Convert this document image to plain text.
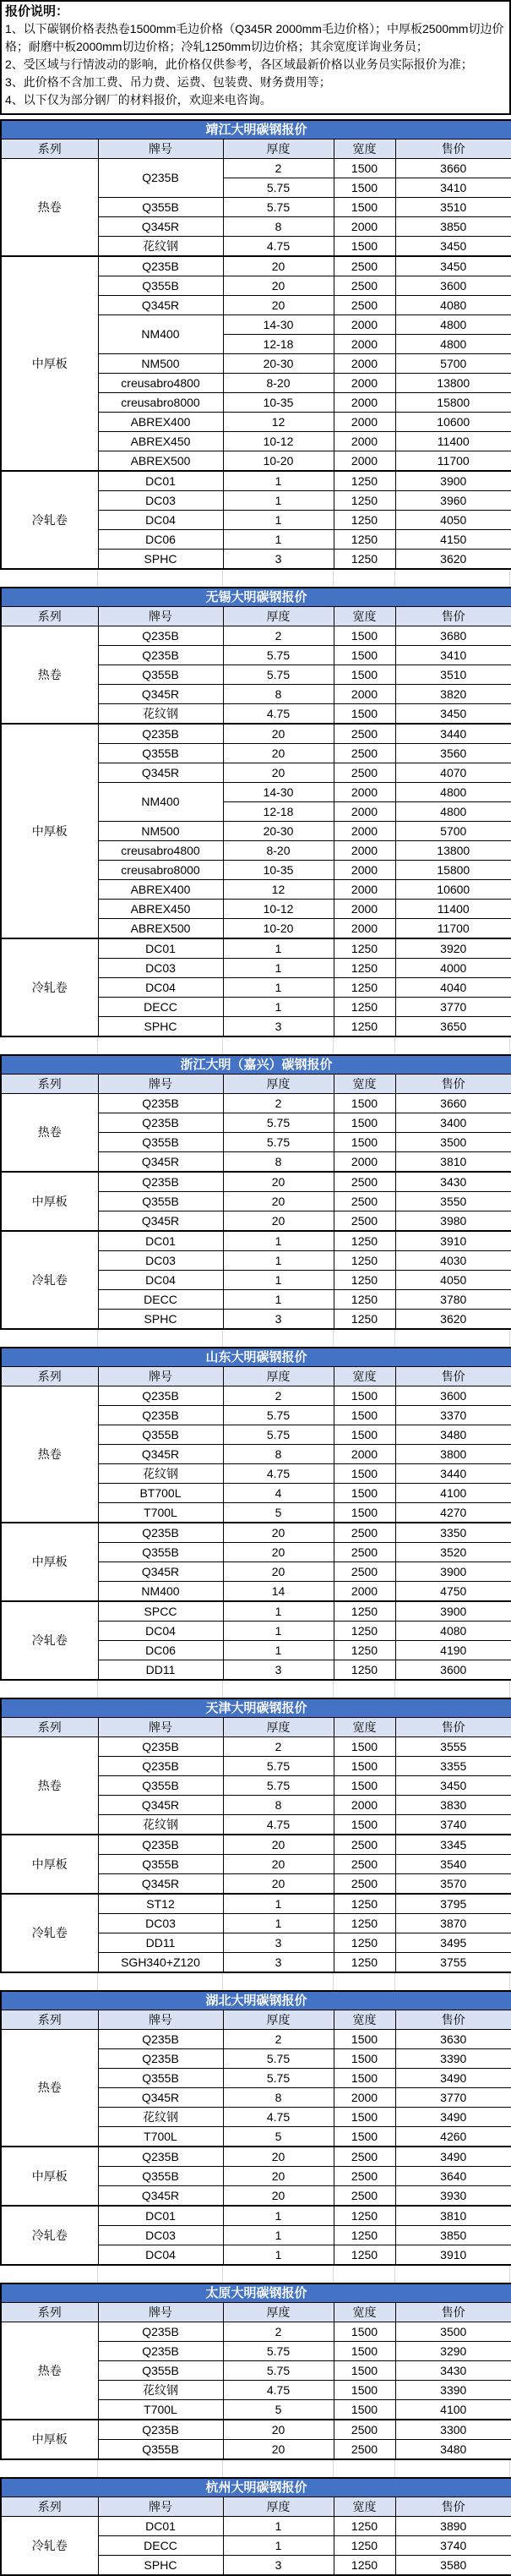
报价说明：
1、以下碳钢价格表热卷1500mm毛边价格（Q345R 2000mm毛边价格）；中厚板2500mm切边价格；耐磨中板2000mm切边价格；冷轧1250mm切边价格；其余宽度详询业务员；
2、受区域与行情波动的影响，此价格仅供参考，各区域最新价格以业务员实际报价为准；
3、此价格不含加工费、吊力费、运费、包装费、财务费用等；
4、以下仅为部分钢厂的材料报价，欢迎来电咨询。
靖江大明碳钢报价				
系列	牌号	厚度	宽度	售价
热卷	Q235B	2	1500	3660
		5.75	1500	3410
	Q355B	5.75	1500	3510
	Q345R	8	2000	3850
	花纹钢	4.75	1500	3450
中厚板	Q235B	20	2500	3450
	Q355B	20	2500	3600
	Q345R	20	2500	4080
	NM400	14-30	2000	4800
		12-18	2000	4800
	NM500	20-30	2000	5700
	creusabro4800	8-20	2000	13800
	creusabro8000	10-35	2000	15800
	ABREX400	12	2000	10600
	ABREX450	10-12	2000	11400
	ABREX500	10-20	2000	11700
冷轧卷	DC01	1	1250	3900
	DC03	1	1250	3960
	DC04	1	1250	4050
	DC06	1	1250	4150
	SPHC	3	1250	3620
无锡大明碳钢报价				
系列	牌号	厚度	宽度	售价
热卷	Q235B	2	1500	3680
	Q235B	5.75	1500	3410
	Q355B	5.75	1500	3510
	Q345R	8	2000	3820
	花纹钢	4.75	1500	3450
中厚板	Q235B	20	2500	3440
	Q355B	20	2500	3560
	Q345R	20	2500	4070
	NM400	14-30	2000	4800
		12-18	2000	4800
	NM500	20-30	2000	5700
	creusabro4800	8-20	2000	13800
	creusabro8000	10-35	2000	15800
	ABREX400	12	2000	10600
	ABREX450	10-12	2000	11400
	ABREX500	10-20	2000	11700
冷轧卷	DC01	1	1250	3920
	DC03	1	1250	4000
	DC04	1	1250	4040
	DECC	1	1250	3770
	SPHC	3	1250	3650
浙江大明（嘉兴）碳钢报价				
系列	牌号	厚度	宽度	售价
热卷	Q235B	2	1500	3660
	Q235B	5.75	1500	3400
	Q355B	5.75	1500	3500
	Q345R	8	2000	3810
中厚板	Q235B	20	2500	3430
	Q355B	20	2500	3550
	Q345R	20	2500	3980
冷轧卷	DC01	1	1250	3910
	DC03	1	1250	4030
	DC04	1	1250	4050
	DECC	1	1250	3780
	SPHC	3	1250	3620
山东大明碳钢报价				
系列	牌号	厚度	宽度	售价
热卷	Q235B	2	1500	3600
	Q235B	5.75	1500	3370
	Q355B	5.75	1500	3480
	Q345R	8	2000	3800
	花纹钢	4.75	1500	3440
	BT700L	4	1500	4100
	T700L	5	1500	4270
中厚板	Q235B	20	2500	3350
	Q355B	20	2500	3520
	Q345R	20	2500	3900
	NM400	14	2000	4750
冷轧卷	SPCC	1	1250	3900
	DC04	1	1250	4080
	DC06	1	1250	4190
	DD11	3	1250	3600
天津大明碳钢报价				
系列	牌号	厚度	宽度	售价
热卷	Q235B	2	1500	3555
	Q235B	5.75	1500	3355
	Q355B	5.75	1500	3450
	Q345R	8	2000	3830
	花纹钢	4.75	1500	3740
中厚板	Q235B	20	2500	3345
	Q355B	20	2500	3540
	Q345R	20	2500	3570
冷轧卷	ST12	1	1250	3795
	DC03	1	1250	3870
	DD11	3	1250	3495
	SGH340+Z120	3	1250	3755
湖北大明碳钢报价				
系列	牌号	厚度	宽度	售价
热卷	Q235B	2	1500	3630
	Q235B	5.75	1500	3390
	Q355B	5.75	1500	3490
	Q345R	8	2000	3770
	花纹钢	4.75	1500	3490
	T700L	5	1500	4260
中厚板	Q235B	20	2500	3490
	Q355B	20	2500	3640
	Q345R	20	2500	3930
冷轧卷	DC01	1	1250	3810
	DC03	1	1250	3850
	DC04	1	1250	3910
太原大明碳钢报价				
系列	牌号	厚度	宽度	售价
热卷	Q235B	2	1500	3500
	Q235B	5.75	1500	3290
	Q355B	5.75	1500	3430
	花纹钢	4.75	1500	3390
	T700L	5	1500	4100
中厚板	Q235B	20	2500	3300
	Q355B	20	2500	3480
杭州大明碳钢报价				
系列	牌号	厚度	宽度	售价
冷轧卷	DC01	1	1250	3890
	DECC	1	1250	3740
	SPHC	3	1250	3580
